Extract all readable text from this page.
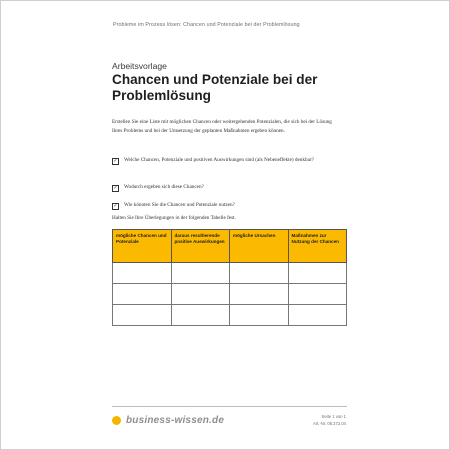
Probleme im Prozess lösen: Chancen und Potenziale bei der Problemlösung
Arbeitsvorlage
Chancen und Potenziale bei der Problemlösung
Erstellen Sie eine Liste mit möglichen Chancen oder weitergehenden Potenzialen, die sich bei der Lösung Ihres Problems und bei der Umsetzung der geplanten Maßnahmen ergeben können.
✓ Welche Chancen, Potenziale und positiven Auswirkungen sind (als Nebeneffekte) denkbar?
✓ Wodurch ergeben sich diese Chancen?
✓ Wie könnten Sie die Chancen und Potenziale nutzen?
Halten Sie Ihre Überlegungen in der folgenden Tabelle fest.
mögliche Chancen und Potenziale	daraus resultierende positive Auswirkungen	mögliche Ursachen	Maßnahmen zur Nutzung der Chancen

business-wissen.de	Seite 1 von 1
Art.-Nr. 06.272.04
